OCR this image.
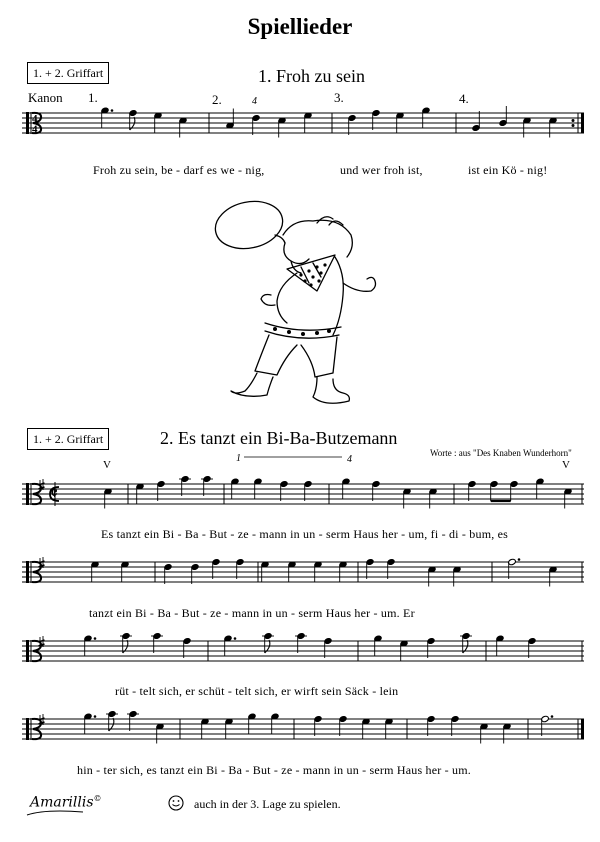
Spiellieder
1. + 2. Griffart	1. Froh zu sein
Kanon 1.	2.	3.	4.
Froh zu sein, be - darf es we - nig,	und wer froh ist,	ist ein Kö - nig!
1. + 2. Griffart	2. Es tanzt ein Bi-Ba-Butzemann
Worte : aus "Des Knaben Wunderhorn"
Es tanzt ein Bi - Ba - But - ze - mann in un - serm Haus her - um, fi - di - bum, es
tanzt ein Bi - Ba - But - ze - mann in un - serm Haus her - um. Er
rüt - telt sich, er schüt - telt sich, er wirft sein Säck - lein
hin - ter sich, es tanzt ein Bi - Ba - But - ze - mann in un - serm Haus her - um.
Amarillis©	auch in der 3. Lage zu spielen.
4
4
4
𝄵
V	V
1	4
